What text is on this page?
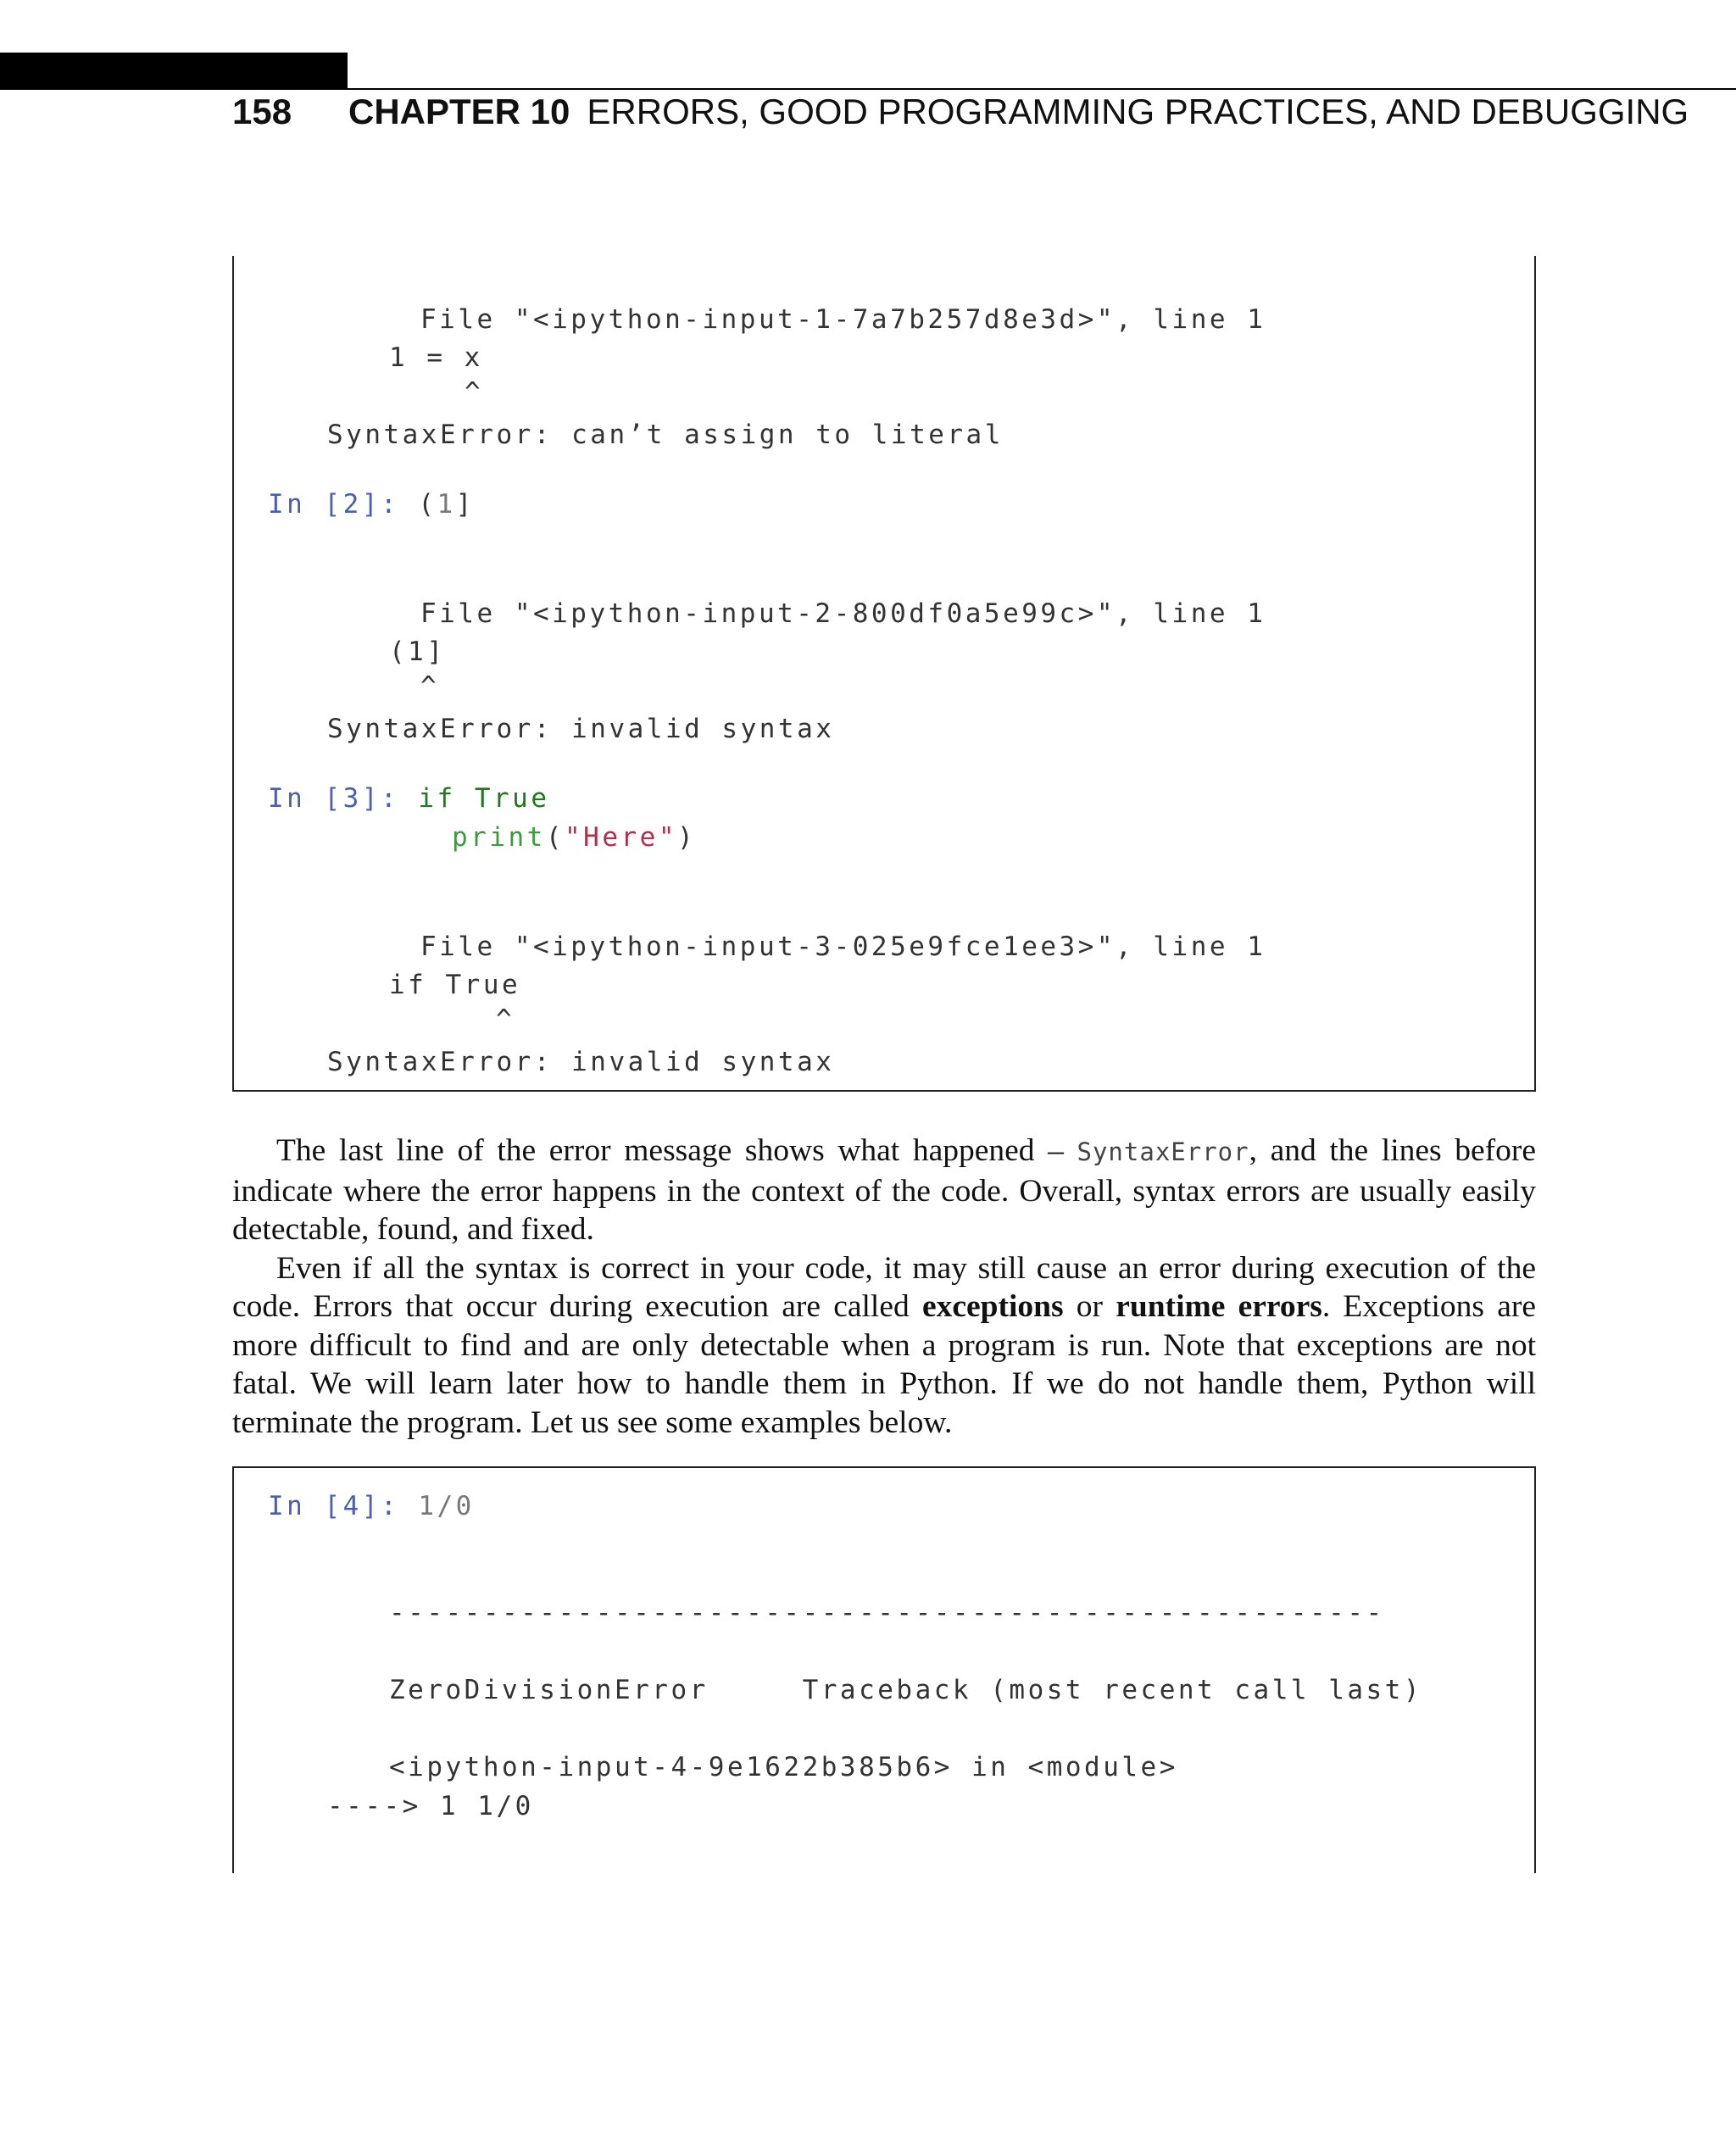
158	CHAPTER 10 ERRORS, GOOD PROGRAMMING PRACTICES, AND DEBUGGING
File "<ipython-input-1-7a7b257d8e3d>", line 1
1 = x
^
SyntaxError: can’t assign to literal
In [2]: (1]
File "<ipython-input-2-800df0a5e99c>", line 1
(1]
^
SyntaxError: invalid syntax
In [3]: if True
print("Here")
File "<ipython-input-3-025e9fce1ee3>", line 1
if True
^
SyntaxError: invalid syntax

The last line of the error message shows what happened – SyntaxError, and the lines before indicate where the error happens in the context of the code. Overall, syntax errors are usually easily detectable, found, and fixed.

Even if all the syntax is correct in your code, it may still cause an error during execution of the code. Errors that occur during execution are called exceptions or runtime errors. Exceptions are more difficult to find and are only detectable when a program is run. Note that exceptions are not fatal. We will learn later how to handle them in Python. If we do not handle them, Python will terminate the program. Let us see some examples below.

In [4]: 1/0
-----------------------------------------------------
ZeroDivisionError	Traceback (most recent call last)
<ipython-input-4-9e1622b385b6> in <module>
----> 1 1/0
